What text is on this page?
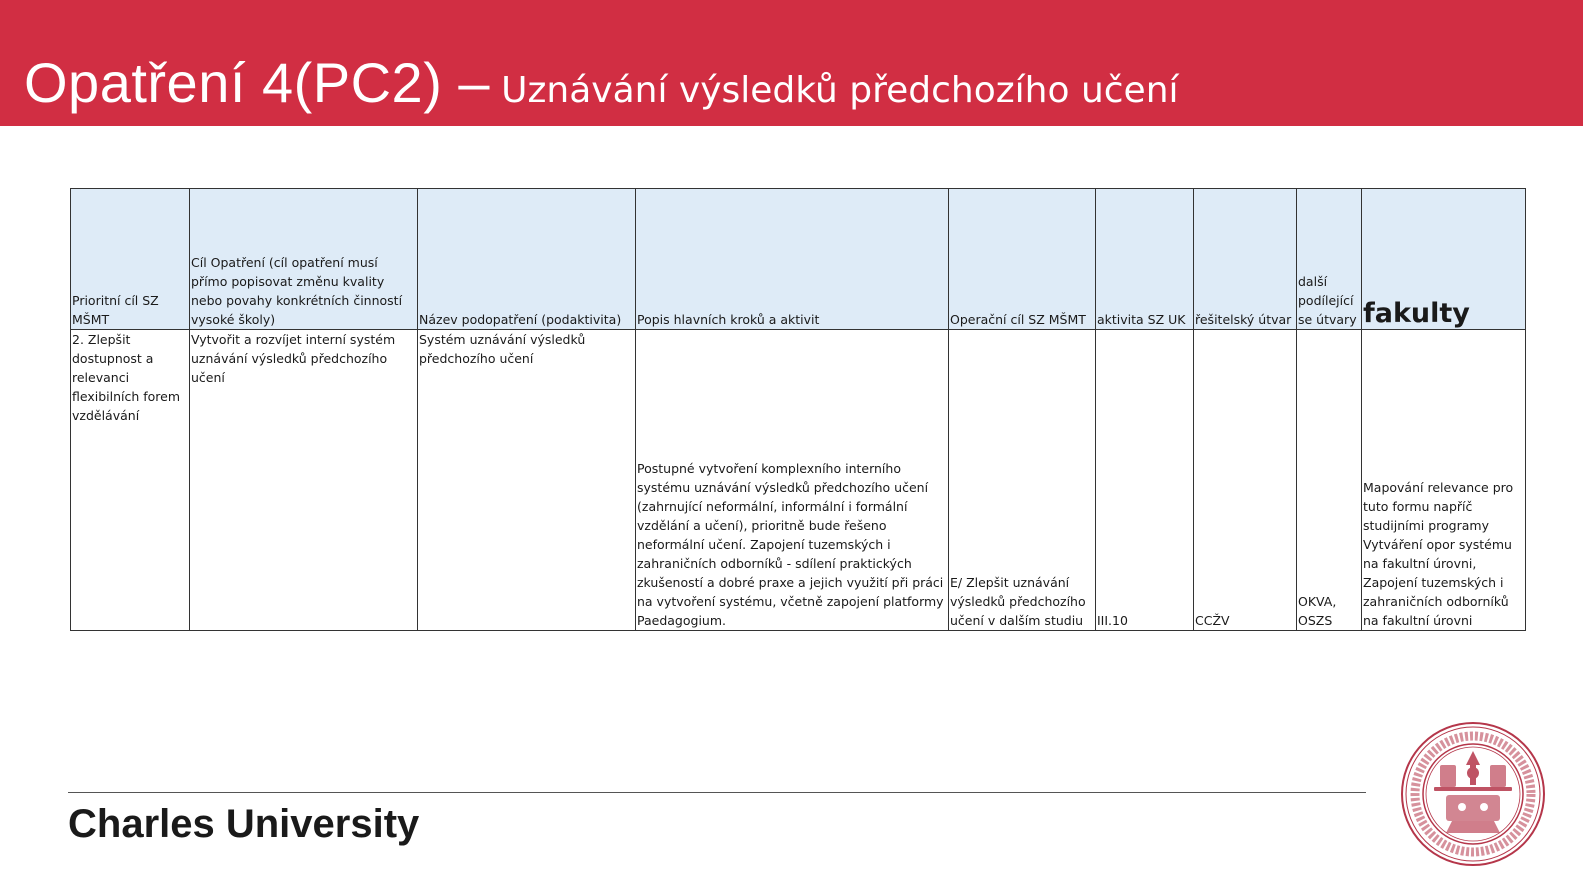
Opatření 4(PC2) – Uznávání výsledků předchozího učení
Prioritní cíl SZ MŠMT	Cíl Opatření (cíl opatření musí přímo popisovat změnu kvality nebo povahy konkrétních činností vysoké školy)	Název podopatření (podaktivita)	Popis hlavních kroků a aktivit	Operační cíl SZ MŠMT	aktivita SZ UK	řešitelský útvar	další podílející se útvary	fakulty
2. Zlepšit dostupnost a relevanci flexibilních forem vzdělávání	Vytvořit a rozvíjet interní systém uznávání výsledků předchozího učení	Systém uznávání výsledků předchozího učení	Postupné vytvoření komplexního interního systému uznávání výsledků předchozího učení (zahrnující neformální, informální i formální vzdělání a učení), prioritně bude řešeno neformální učení. Zapojení tuzemských i zahraničních odborníků - sdílení praktických zkušeností a dobré praxe a jejich využití při práci na vytvoření systému, včetně zapojení platformy Paedagogium.	E/ Zlepšit uznávání výsledků předchozího učení v dalším studiu	III.10	CCŽV	OKVA, OSZS	Mapování relevance pro tuto formu napříč studijními programy Vytváření opor systému na fakultní úrovni, Zapojení tuzemských i zahraničních odborníků na fakultní úrovni
Charles University
